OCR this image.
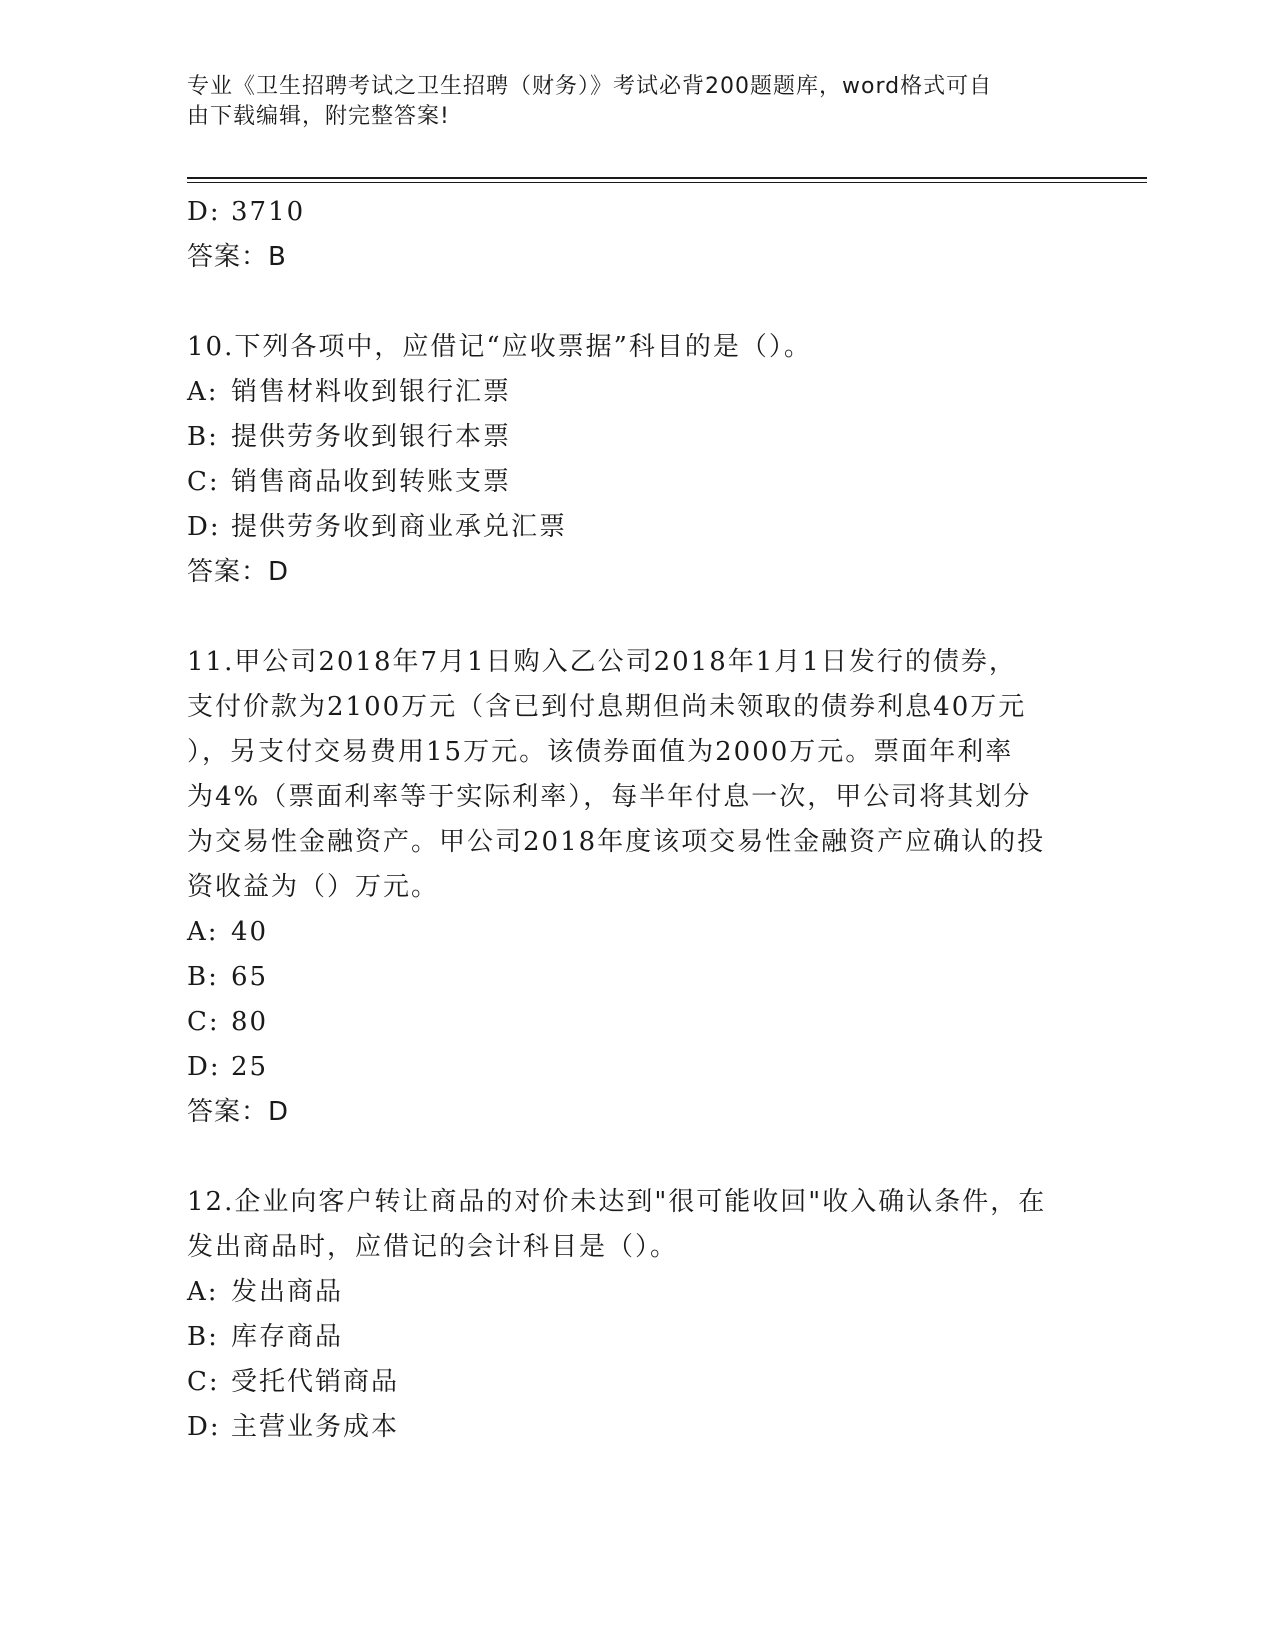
专业《卫生招聘考试之卫生招聘（财务）》考试必背200题题库，word格式可自
由下载编辑，附完整答案!
D: 3710
答案：B
10.下列各项中，应借记“应收票据”科目的是（）。
A: 销售材料收到银行汇票
B: 提供劳务收到银行本票
C: 销售商品收到转账支票
D: 提供劳务收到商业承兑汇票
答案：D
11.甲公司2018年7月1日购入乙公司2018年1月1日发行的债券，
支付价款为2100万元（含已到付息期但尚未领取的债券利息40万元
），另支付交易费用15万元。该债券面值为2000万元。票面年利率
为4%（票面利率等于实际利率），每半年付息一次，甲公司将其划分
为交易性金融资产。甲公司2018年度该项交易性金融资产应确认的投
资收益为（）万元。
A: 40
B: 65
C: 80
D: 25
答案：D
12.企业向客户转让商品的对价未达到"很可能收回"收入确认条件，在
发出商品时，应借记的会计科目是（）。
A: 发出商品
B: 库存商品
C: 受托代销商品
D: 主营业务成本
